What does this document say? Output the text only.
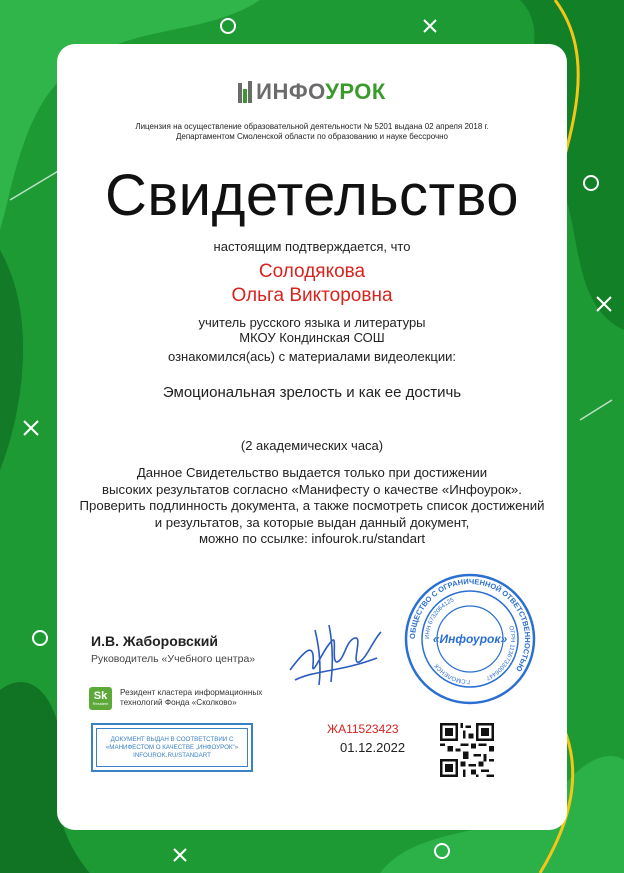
ИНФОУРОК
Лицензия на осуществление образовательной деятельности № 5201 выдана 02 апреля 2018 г.
Департаментом Смоленской области по образованию и науке бессрочно
Свидетельство
настоящим подтверждается, что
Солодякова
Ольга Викторовна
учитель русского языка и литературы
МКОУ Кондинская СОШ
ознакомился(ась) с материалами видеолекции:
Эмоциональная зрелость и как ее достичь
(2 академических часа)
Данное Свидетельство выдается только при достижении
высоких результатов согласно «Манифесту о качестве «Инфоурок».
Проверить подлинность документа, а также посмотреть список достижений
и результатов, за которые выдан данный документ,
можно по ссылке: infourok.ru/standart
И.В. Жаборовский
Руководитель «Учебного центра»
ОБЩЕСТВО С ОГРАНИЧЕННОЙ ОТВЕТСТВЕННОСТЬЮ
ИНН 6732064125
ОГРН 1136733006447
Г.СМОЛЕНСК
«Инфоурок»
Sk
Resident
Резидент кластера информационных
технологий Фонда «Сколково»
ДОКУМЕНТ ВЫДАН В СООТВЕТСТВИИ С
«МАНИФЕСТОМ О КАЧЕСТВЕ „ИНФОУРОК"»
INFOUROK.RU/STANDART
ЖА11523423
01.12.2022
